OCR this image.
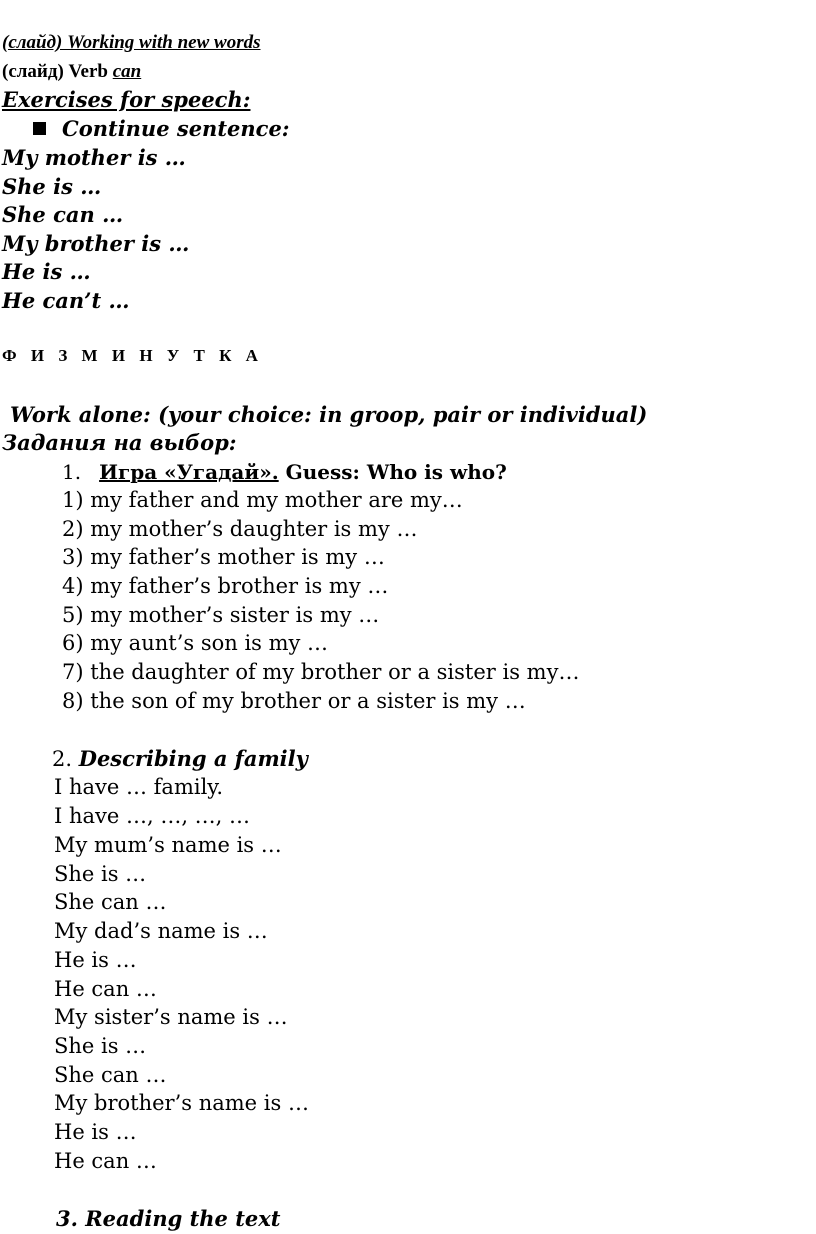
(слайд) Working with new words
(слайд) Verb can
Exercises for speech:
Continue sentence:
My mother is …
She is …
She can …
My brother is …
He is …
He can’t …
Ф И З М И Н У Т К А
Work alone: (your choice: in groop, pair or individual)
Задания на выбор:
1. Игра «Угадай». Guess: Who is who?
1) my father and my mother are my…
2) my mother’s daughter is my …
3) my father’s mother is my …
4) my father’s brother is my …
5) my mother’s sister is my …
6) my aunt’s son is my …
7) the daughter of my brother or a sister is my…
8) the son of my brother or a sister is my …
2. Describing a family
I have … family.
I have …, …, …, …
My mum’s name is …
She is …
She can …
My dad’s name is …
He is …
He can …
My sister’s name is …
She is …
She can …
My brother’s name is …
He is …
He can …
3. Reading the text
